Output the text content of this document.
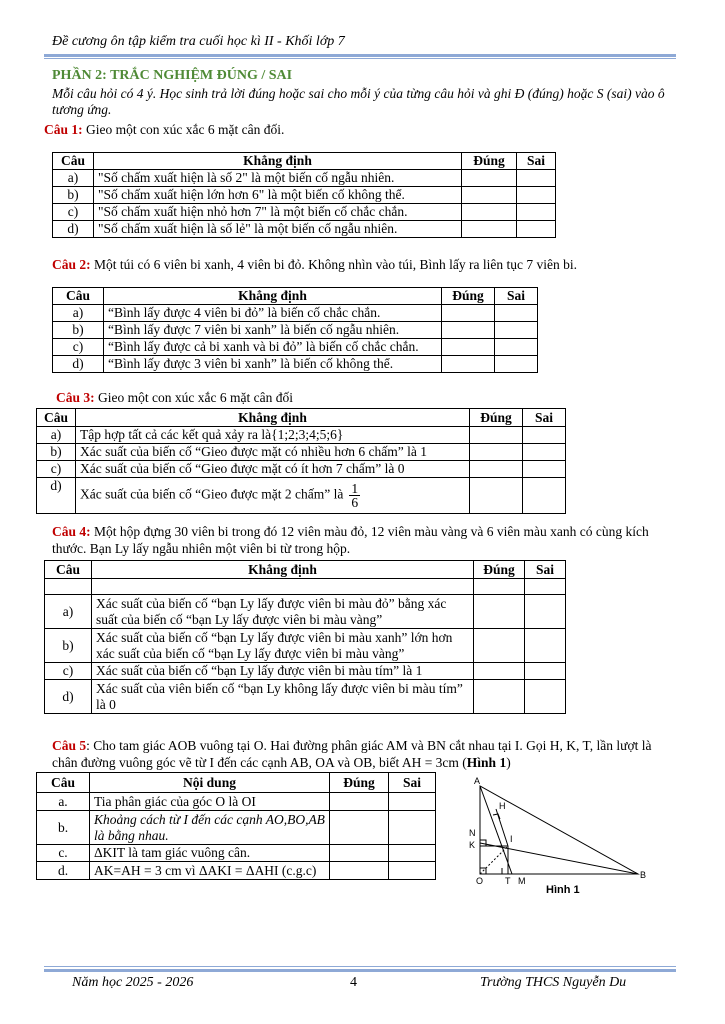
Đề cương ôn tập kiểm tra cuối học kì II - Khối lớp 7
PHẦN 2: TRẮC NGHIỆM ĐÚNG / SAI
Mỗi câu hỏi có 4 ý. Học sinh trả lời đúng hoặc sai cho mỗi ý của từng câu hỏi và ghi Đ (đúng) hoặc S (sai) vào ô tương ứng.
Câu 1: Gieo một con xúc xắc 6 mặt cân đối.
Câu	Khẳng định	Đúng	Sai
a)	"Số chấm xuất hiện là số 2" là một biến cố ngẫu nhiên.		
b)	"Số chấm xuất hiện lớn hơn 6" là một biến cố không thể.		
c)	"Số chấm xuất hiện nhỏ hơn 7" là một biến cố chắc chắn.		
d)	"Số chấm xuất hiện là số lẻ" là một biến cố ngẫu nhiên.		
Câu 2: Một túi có 6 viên bi xanh, 4 viên bi đỏ. Không nhìn vào túi, Bình lấy ra liên tục 7 viên bi.
Câu	Khẳng định	Đúng	Sai
a)	“Bình lấy được 4 viên bi đỏ” là biến cố chắc chắn.		
b)	“Bình lấy được 7 viên bi xanh” là biến cố ngẫu nhiên.		
c)	“Bình lấy được cả bi xanh và bi đỏ” là biến cố chắc chắn.		
d)	“Bình lấy được 3 viên bi xanh” là biến cố không thể.		
Câu 3: Gieo một con xúc xắc 6 mặt cân đối
Câu	Khẳng định	Đúng	Sai
a)	Tập hợp tất cả các kết quả xảy ra là{1;2;3;4;5;6}		
b)	Xác suất của biến cố “Gieo được mặt có nhiều hơn 6 chấm” là 1		
c)	Xác suất của biến cố “Gieo được mặt có ít hơn 7 chấm” là 0		
d)	Xác suất của biến cố “Gieo được mặt 2 chấm” là $\frac{1}{6}$

Câu 4: Một hộp đựng 30 viên bi trong đó 12 viên màu đỏ, 12 viên màu vàng và 6 viên màu xanh có cùng kích thước. Bạn Ly lấy ngẫu nhiên một viên bi từ trong hộp.
Câu	Khẳng định	Đúng	Sai

a)	Xác suất của biến cố “bạn Ly lấy được viên bi màu đỏ” bằng xác suất của biến cố “bạn Ly lấy được viên bi màu vàng”		
b)	Xác suất của biến cố “bạn Ly lấy được viên bi màu xanh” lớn hơn xác suất của biến cố “bạn Ly lấy được viên bi màu vàng”		
c)	Xác suất của biến cố “bạn Ly lấy được viên bi màu tím” là 1		
d)	Xác suất của viên biến cố “bạn Ly không lấy được viên bi màu tím” là 0		
Câu 5: Cho tam giác AOB vuông tại O. Hai đường phân giác AM và BN cắt nhau tại I. Gọi H, K, T, lần lượt là chân đường vuông góc vẽ từ I đến các cạnh AB, OA và OB, biết AH = 3cm (Hình 1)
Câu	Nội dung	Đúng	Sai
a.	Tia phân giác của góc O là OI		
b.	Khoảng cách từ I đến các cạnh AO,BO,AB là bằng nhau.		
c.	ΔKIT là tam giác vuông cân.		
d.	AK=AH = 3 cm vì ΔAKI = ΔAHI (c.g.c)		
A
H
N
K
I
O T M
B
Hình 1
Năm học 2025 - 2026	4	Trường THCS Nguyễn Du
